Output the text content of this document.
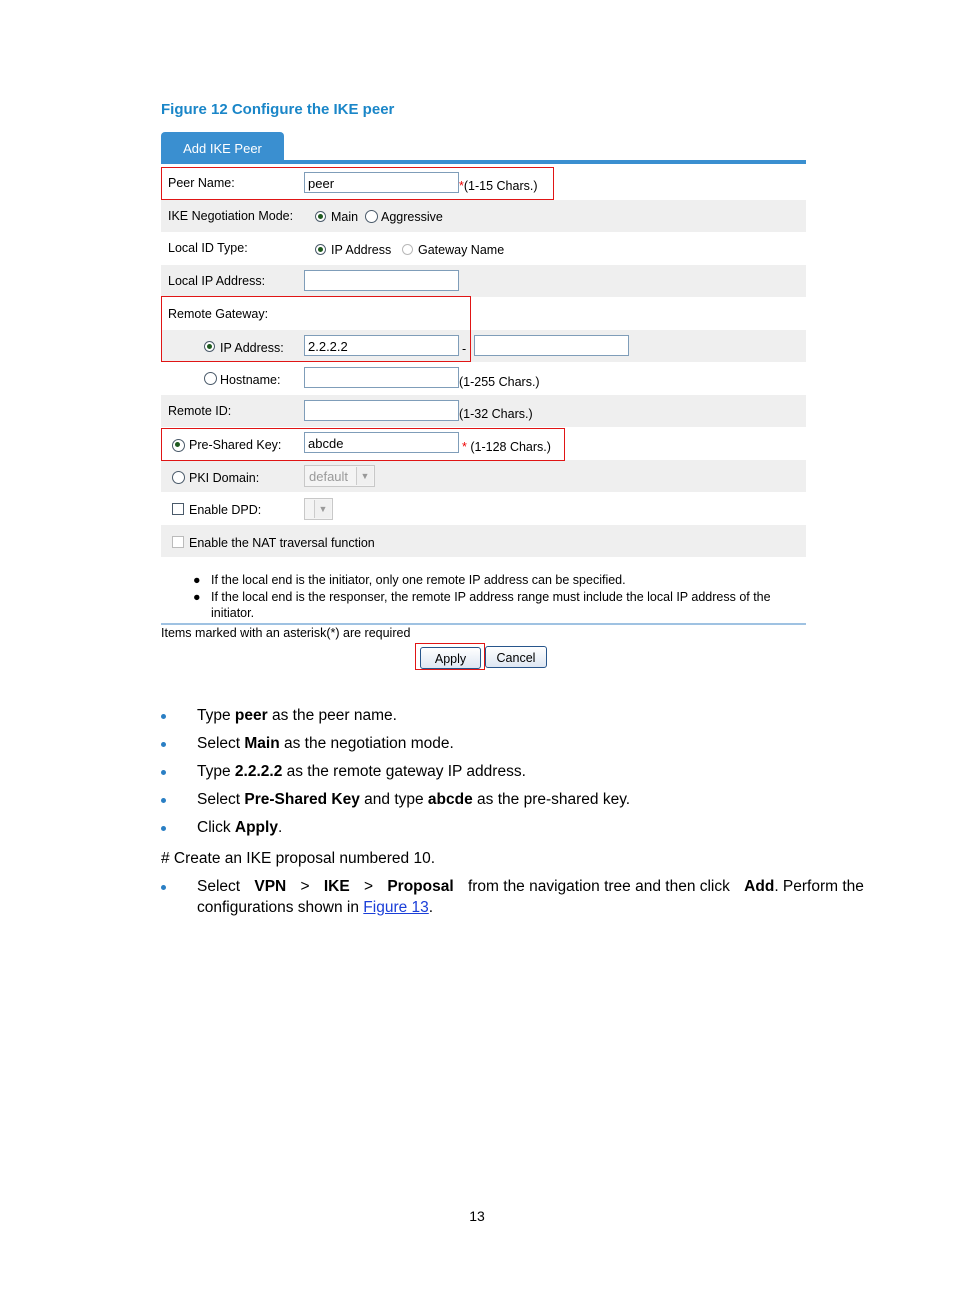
Figure 12 Configure the IKE peer
Add IKE Peer
Peer Name:	peer	*(1-15 Chars.)
IKE Negotiation Mode:	Main Aggressive
Local ID Type:	IP Address Gateway Name
Local IP Address:
Remote Gateway:
IP Address:	2.2.2.2	-
Hostname:	(1-255 Chars.)
Remote ID:	(1-32 Chars.)
Pre-Shared Key:	abcde	* (1-128 Chars.)
PKI Domain:	default	▼
Enable DPD:	▼
Enable the NAT traversal function
● If the local end is the initiator, only one remote IP address can be specified.
● If the local end is the responser, the remote IP address range must include the local IP address of the initiator.
Items marked with an asterisk(*) are required
Apply	Cancel
Type peer as the peer name.
Select Main as the negotiation mode.
Type 2.2.2.2 as the remote gateway IP address.
Select Pre-Shared Key and type abcde as the pre-shared key.
Click Apply.
# Create an IKE proposal numbered 10.
Select VPN > IKE > Proposal from the navigation tree and then click Add. Perform the
configurations shown in Figure 13.
13
